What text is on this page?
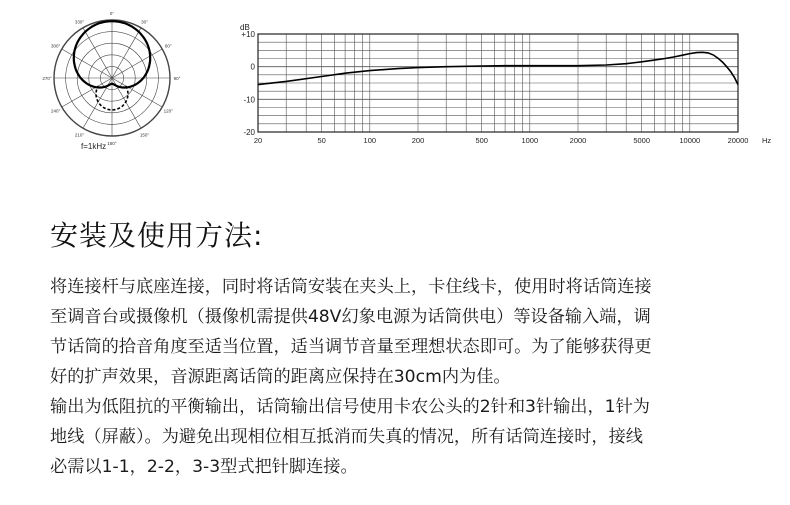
90°
60°
30°
0°
330°
300°
270°
240°
210°
180°
150°
120°
f=1kHz
+10
0
-10
-20
dB
20	50	100	200	500	1000	2000	5000	10000	20000 Hz
安装及使用方法:
将连接杆与底座连接，同时将话筒安装在夹头上，卡住线卡，使用时将话筒连接
至调音台或摄像机（摄像机需提供48V幻象电源为话筒供电）等设备输入端，调
节话筒的拾音角度至适当位置，适当调节音量至理想状态即可。为了能够获得更
好的扩声效果，音源距离话筒的距离应保持在30cm内为佳。
输出为低阻抗的平衡输出，话筒输出信号使用卡农公头的2针和3针输出，1针为
地线（屏蔽）。为避免出现相位相互抵消而失真的情况，所有话筒连接时，接线
必需以1-1，2-2，3-3型式把针脚连接。
